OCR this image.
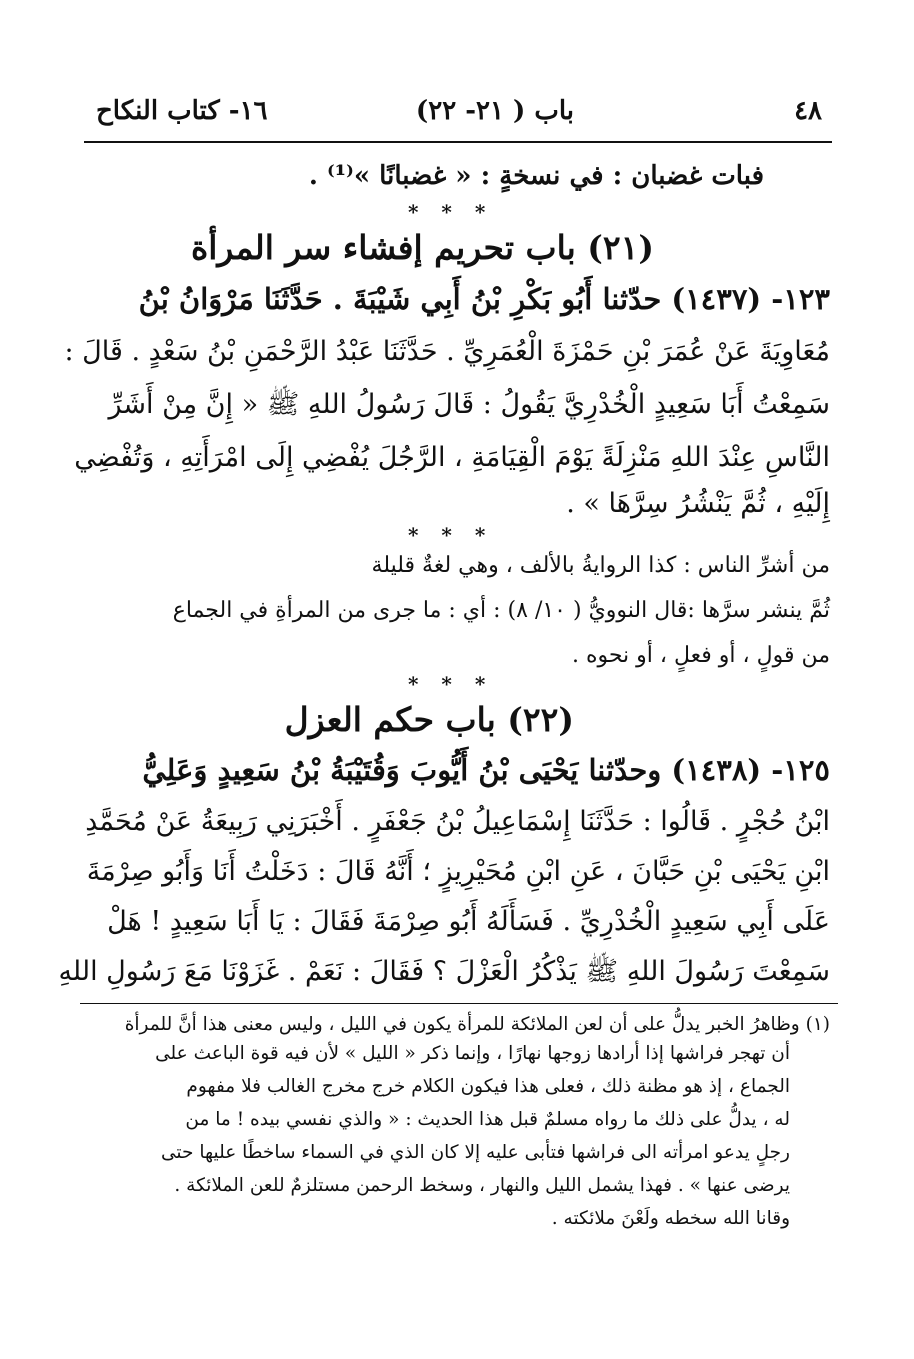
٤٨
باب ( ٢١- ٢٢)
١٦- كتاب النكاح
فبات غضبان : في نسخةٍ : « غضبانًا »⁽¹⁾ .
* * *
(٢١) باب تحريم إفشاء سر المرأة
١٢٣- (١٤٣٧) حدّثنا أَبُو بَكْرِ بْنُ أَبِي شَيْبَةَ . حَدَّثَنَا مَرْوَانُ بْنُ
مُعَاوِيَةَ عَنْ عُمَرَ بْنِ حَمْزَةَ الْعُمَرِيِّ . حَدَّثَنَا عَبْدُ الرَّحْمَنِ بْنُ سَعْدٍ . قَالَ :
سَمِعْتُ أَبَا سَعِيدٍ الْخُدْرِيَّ يَقُولُ : قَالَ رَسُولُ اللهِ ﷺ « إِنَّ مِنْ أَشَرِّ
النَّاسِ عِنْدَ اللهِ مَنْزِلَةً يَوْمَ الْقِيَامَةِ ، الرَّجُلَ يُفْضِي إِلَى امْرَأَتِهِ ، وَتُفْضِي
إِلَيْهِ ، ثُمَّ يَنْشُرُ سِرَّهَا » .
* * *
من أشرِّ الناس : كذا الروايةُ بالألف ، وهي لغةٌ قليلة
ثُمَّ ينشر سرَّها :قال النوويُّ ( ١٠/ ٨) : أي : ما جرى من المرأةِ في الجماع
من قولٍ ، أو فعلٍ ، أو نحوه .
* * *
(٢٢) باب حكم العزل
١٢٥- (١٤٣٨) وحدّثنا يَحْيَى بْنُ أَيُّوبَ وَقُتَيْبَةُ بْنُ سَعِيدٍ وَعَلِيُّ
ابْنُ حُجْرٍ . قَالُوا : حَدَّثَنَا إِسْمَاعِيلُ بْنُ جَعْفَرٍ . أَخْبَرَنِي رَبِيعَةُ عَنْ مُحَمَّدِ
ابْنِ يَحْيَى بْنِ حَبَّانَ ، عَنِ ابْنِ مُحَيْرِيزٍ ؛ أَنَّهُ قَالَ : دَخَلْتُ أَنَا وَأَبُو صِرْمَةَ
عَلَى أَبِي سَعِيدٍ الْخُدْرِيِّ . فَسَأَلَهُ أَبُو صِرْمَةَ فَقَالَ : يَا أَبَا سَعِيدٍ ! هَلْ
سَمِعْتَ رَسُولَ اللهِ ﷺ يَذْكُرُ الْعَزْلَ ؟ فَقَالَ : نَعَمْ . غَزَوْنَا مَعَ رَسُولِ اللهِ
(١) وظاهرُ الخبر يدلُّ على أن لعن الملائكة للمرأة يكون في الليل ، وليس معنى هذا أنَّ للمرأة
أن تهجر فراشها إذا أرادها زوجها نهارًا ، وإنما ذكر « الليل » لأن فيه قوة الباعث على
الجماع ، إذ هو مظنة ذلك ، فعلى هذا فيكون الكلام خرج مخرج الغالب فلا مفهوم
له ، يدلُّ على ذلك ما رواه مسلمٌ قبل هذا الحديث : « والذي نفسي بيده ! ما من
رجلٍ يدعو امرأته الى فراشها فتأبى عليه إلا كان الذي في السماء ساخطًا عليها حتى
يرضى عنها » . فهذا يشمل الليل والنهار ، وسخط الرحمن مستلزمٌ للعن الملائكة .
وقانا الله سخطه ولَعْنَ ملائكته .
